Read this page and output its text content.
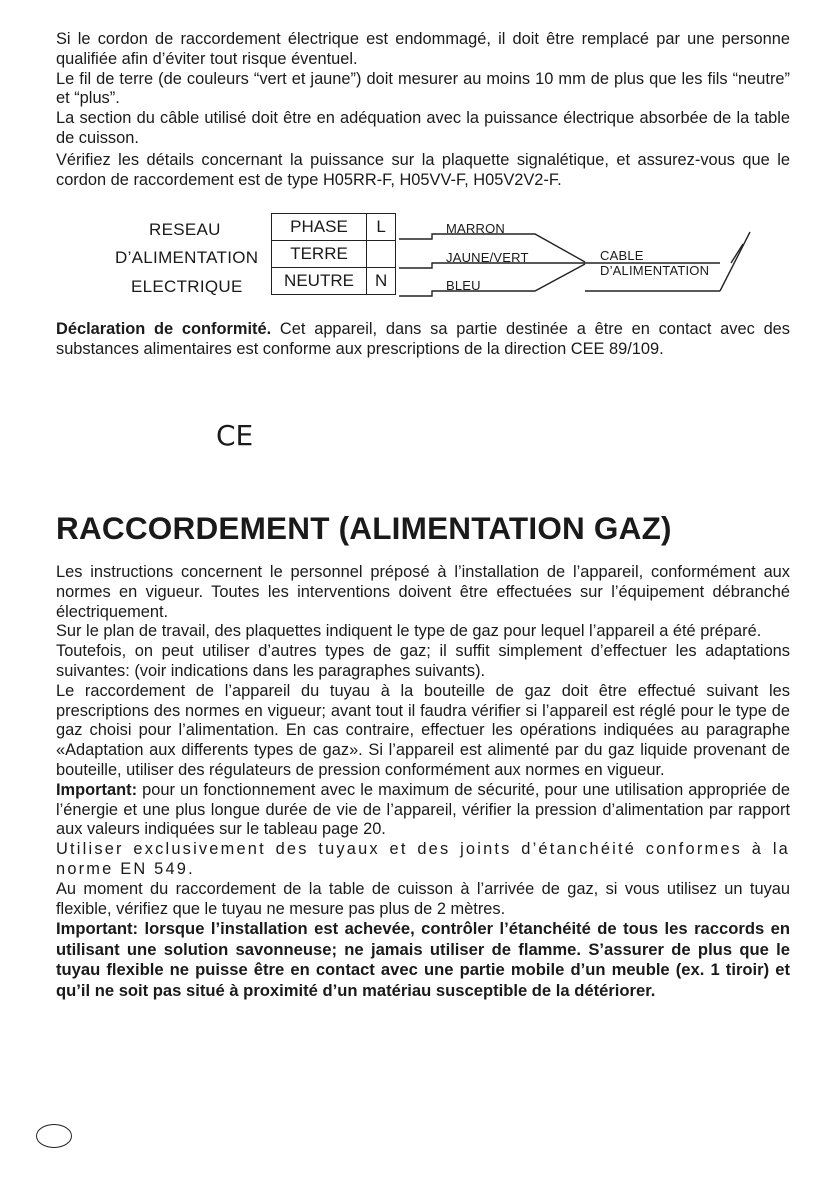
Si le cordon de raccordement électrique est endommagé, il doit être remplacé par une personne qualifiée afin d’éviter tout risque éventuel.

Le fil de terre (de couleurs “vert et jaune”) doit mesurer au moins 10 mm de plus que les fils “neutre” et “plus”.

La section du câble utilisé doit être en adéquation avec la puissance électrique absorbée de la table de cuisson.

Vérifiez les détails concernant la puissance sur la plaquette signalétique, et assurez-vous que le cordon de raccordement est de type H05RR-F, H05VV-F, H05V2V2-F.

RESEAU
D’ALIMENTATION
ELECTRIQUE
PHASE	L
TERRE	
NEUTRE	N
MARRON
JAUNE/VERT
BLEU
CABLE
D’ALIMENTATION

Déclaration de conformité. Cet appareil, dans sa partie destinée a être en contact avec des substances alimentaires est conforme aux prescriptions de la direction CEE 89/109.

CE
RACCORDEMENT (ALIMENTATION GAZ)

Les instructions concernent le personnel préposé à l’installation de l’appareil, conformément aux normes en vigueur. Toutes les interventions doivent être effectuées sur l’équipement débranché électriquement.

Sur le plan de travail, des plaquettes indiquent le type de gaz pour lequel l’appareil a été préparé.

Toutefois, on peut utiliser d’autres types de gaz; il suffit simplement d’effectuer les adaptations suivantes: (voir indications dans les paragraphes suivants).

Le raccordement de l’appareil du tuyau à la bouteille de gaz doit être effectué suivant les prescriptions des normes en vigueur; avant tout il faudra vérifier si l’appareil est réglé pour le type de gaz choisi pour l’alimentation. En cas contraire, effectuer les opérations indiquées au paragraphe «Adaptation aux differents types de gaz». Si l’appareil est alimenté par du gaz liquide provenant de bouteille, utiliser des régulateurs de pression conformément aux normes en vigueur.

Important: pour un fonctionnement avec le maximum de sécurité, pour une utilisation appropriée de l’énergie et une plus longue durée de vie de l’appareil, vérifier la pression d’alimentation par rapport aux valeurs indiquées sur le tableau page 20.

Utiliser exclusivement des tuyaux et des joints d’étanchéité conformes à la norme EN 549.

Au moment du raccordement de la table de cuisson à l’arrivée de gaz, si vous utilisez un tuyau flexible, vérifiez que le tuyau ne mesure pas plus de 2 mètres.

Important: lorsque l’installation est achevée, contrôler l’étanchéité de tous les raccords en utilisant une solution savonneuse; ne jamais utiliser de flamme. S’assurer de plus que le tuyau flexible ne puisse être en contact avec une partie mobile d’un meuble (ex. 1 tiroir) et qu’il ne soit pas situé à proximité d’un matériau susceptible de la détériorer.
